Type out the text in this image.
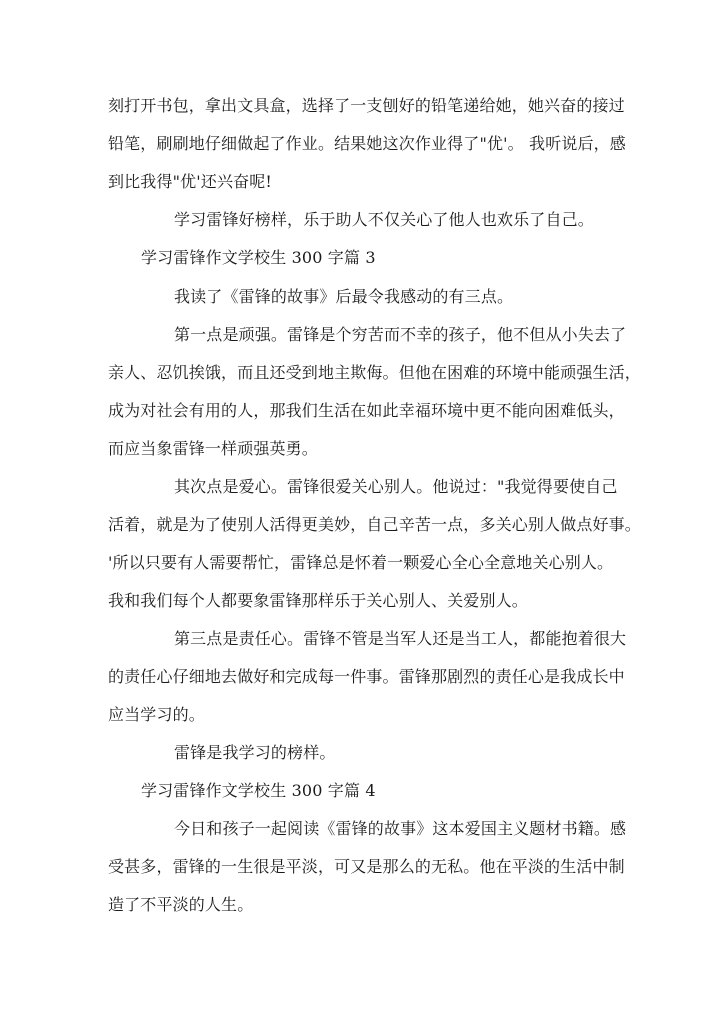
刻打开书包，拿出文具盒，选择了一支刨好的铅笔递给她，她兴奋的接过
铅笔，刷刷地仔细做起了作业。结果她这次作业得了"优'。 我听说后，感
到比我得"优'还兴奋呢!
学习雷锋好榜样，乐于助人不仅关心了他人也欢乐了自己。
学习雷锋作文学校生 300 字篇 3
我读了《雷锋的故事》后最令我感动的有三点。
第一点是顽强。雷锋是个穷苦而不幸的孩子，他不但从小失去了
亲人、忍饥挨饿，而且还受到地主欺侮。但他在困难的环境中能顽强生活，
成为对社会有用的人，那我们生活在如此幸福环境中更不能向困难低头，
而应当象雷锋一样顽强英勇。
其次点是爱心。雷锋很爱关心别人。他说过："我觉得要使自己
活着，就是为了使别人活得更美妙，自己辛苦一点，多关心别人做点好事。
'所以只要有人需要帮忙，雷锋总是怀着一颗爱心全心全意地关心别人。
我和我们每个人都要象雷锋那样乐于关心别人、关爱别人。
第三点是责任心。雷锋不管是当军人还是当工人，都能抱着很大
的责任心仔细地去做好和完成每一件事。雷锋那剧烈的责任心是我成长中
应当学习的。
雷锋是我学习的榜样。
学习雷锋作文学校生 300 字篇 4
今日和孩子一起阅读《雷锋的故事》这本爱国主义题材书籍。感
受甚多，雷锋的一生很是平淡，可又是那么的无私。他在平淡的生活中制
造了不平淡的人生。
